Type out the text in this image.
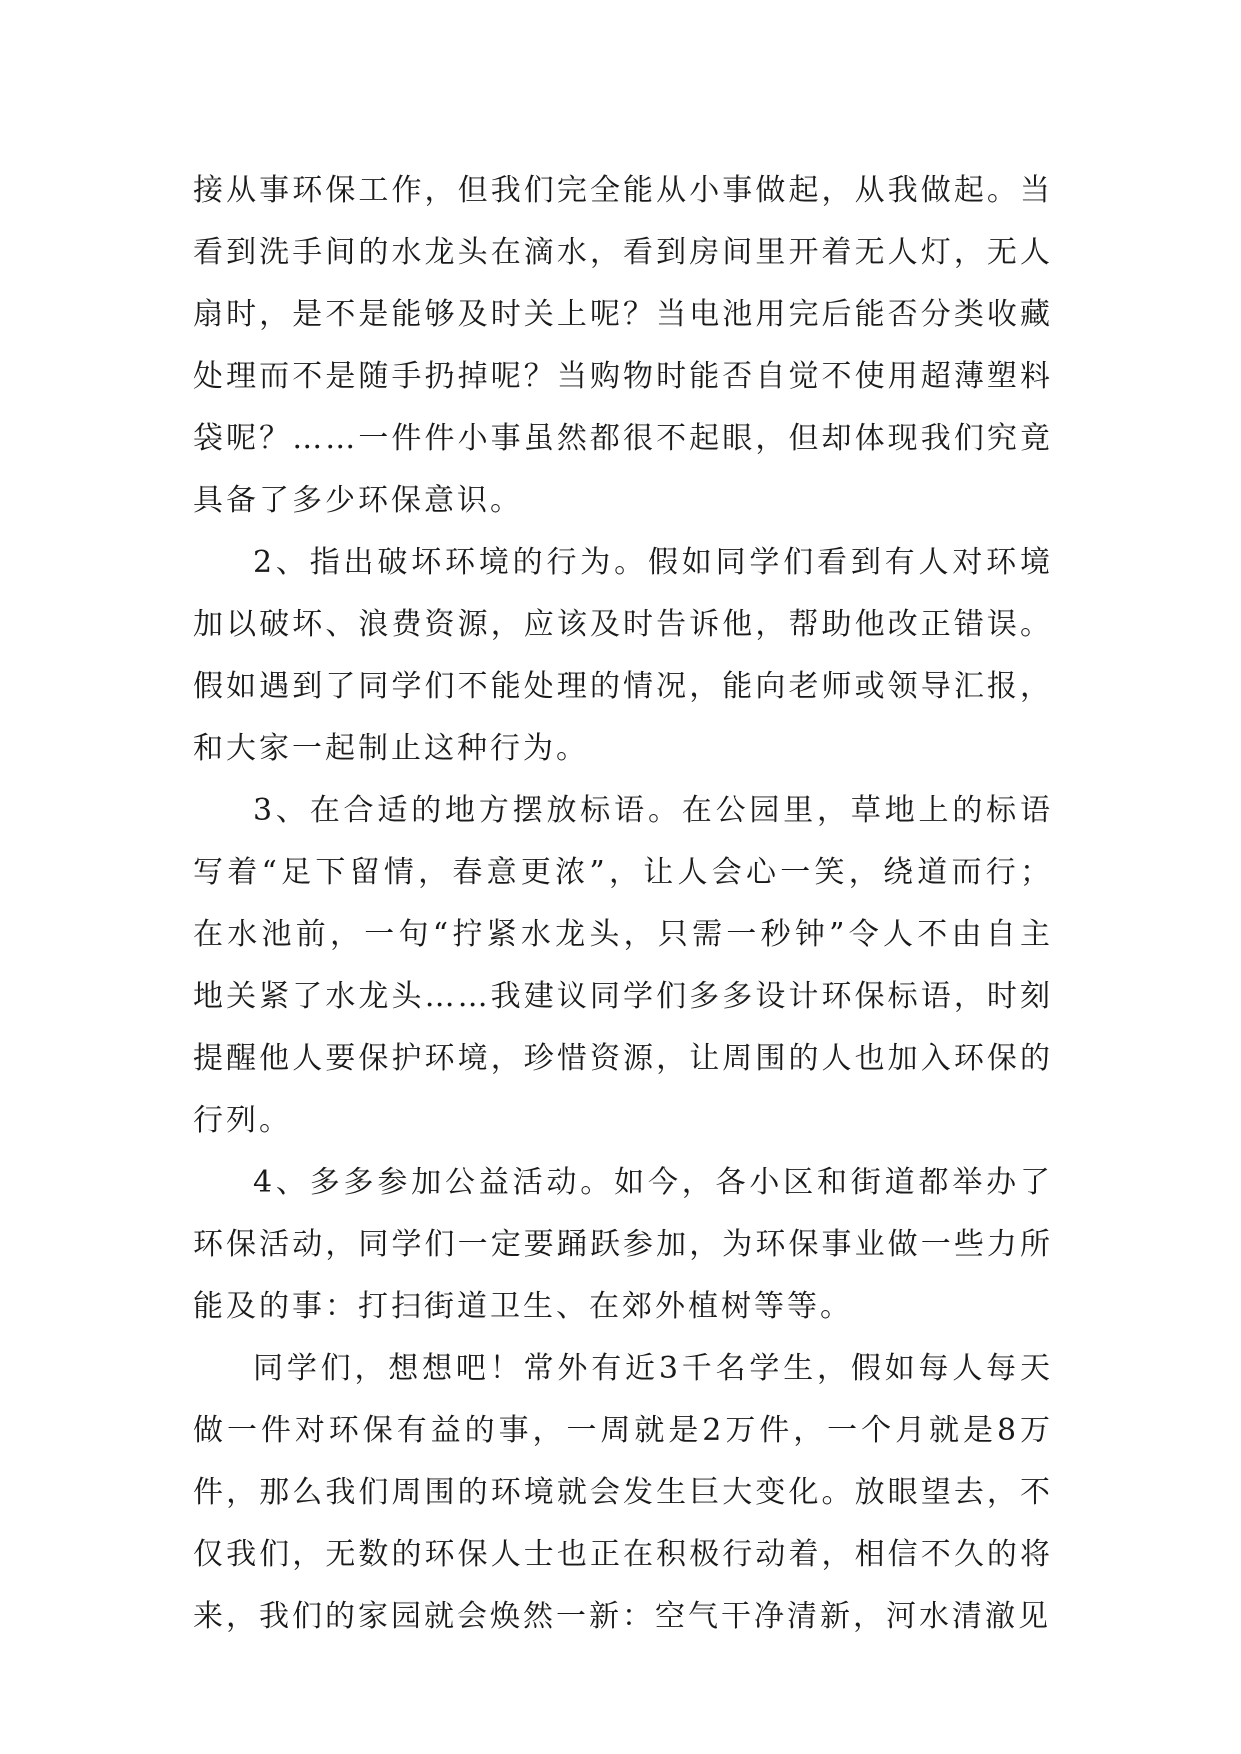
接从事环保工作，但我们完全能从小事做起，从我做起。当看到洗手间的水龙头在滴水，看到房间里开着无人灯，无人扇时，是不是能够及时关上呢？当电池用完后能否分类收藏处理而不是随手扔掉呢？当购物时能否自觉不使用超薄塑料袋呢？……一件件小事虽然都很不起眼，但却体现我们究竟具备了多少环保意识。

2、指出破坏环境的行为。假如同学们看到有人对环境加以破坏、浪费资源，应该及时告诉他，帮助他改正错误。假如遇到了同学们不能处理的情况，能向老师或领导汇报，和大家一起制止这种行为。

3、在合适的地方摆放标语。在公园里，草地上的标语写着“足下留情，春意更浓”，让人会心一笑，绕道而行；在水池前，一句“拧紧水龙头，只需一秒钟”令人不由自主地关紧了水龙头……我建议同学们多多设计环保标语，时刻提醒他人要保护环境，珍惜资源，让周围的人也加入环保的行列。

4、多多参加公益活动。如今，各小区和街道都举办了环保活动，同学们一定要踊跃参加，为环保事业做一些力所能及的事：打扫街道卫生、在郊外植树等等。

同学们，想想吧！常外有近3千名学生，假如每人每天做一件对环保有益的事，一周就是2万件，一个月就是8万件，那么我们周围的环境就会发生巨大变化。放眼望去，不仅我们，无数的环保人士也正在积极行动着，相信不久的将来，我们的家园就会焕然一新：空气干净清新，河水清澈见
